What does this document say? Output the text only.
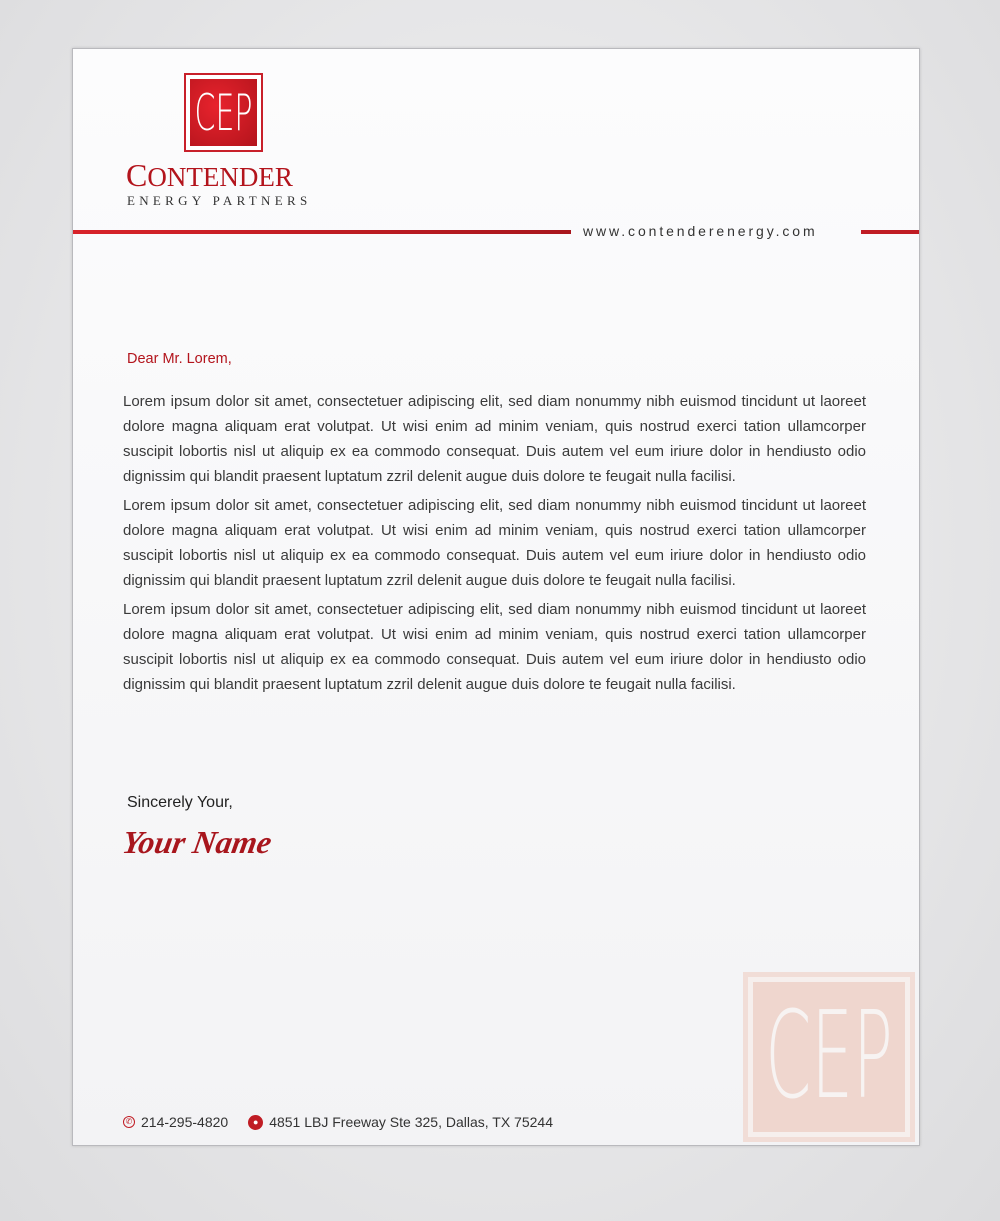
CEP
CONTENDER
ENERGY PARTNERS
www.contenderenergy.com
Dear Mr. Lorem,

Lorem ipsum dolor sit amet, consectetuer adipiscing elit, sed diam nonummy nibh euismod tincidunt ut laoreet dolore magna aliquam erat volutpat. Ut wisi enim ad minim veniam, quis nostrud exerci tation ullamcorper suscipit lobortis nisl ut aliquip ex ea commodo consequat. Duis autem vel eum iriure dolor in hendiusto odio dignissim qui blandit praesent luptatum zzril delenit augue duis dolore te feugait nulla facilisi.

Lorem ipsum dolor sit amet, consectetuer adipiscing elit, sed diam nonummy nibh euismod tincidunt ut laoreet dolore magna aliquam erat volutpat. Ut wisi enim ad minim veniam, quis nostrud exerci tation ullamcorper suscipit lobortis nisl ut aliquip ex ea commodo consequat. Duis autem vel eum iriure dolor in hendiusto odio dignissim qui blandit praesent luptatum zzril delenit augue duis dolore te feugait nulla facilisi.

Lorem ipsum dolor sit amet, consectetuer adipiscing elit, sed diam nonummy nibh euismod tincidunt ut laoreet dolore magna aliquam erat volutpat. Ut wisi enim ad minim veniam, quis nostrud exerci tation ullamcorper suscipit lobortis nisl ut aliquip ex ea commodo consequat. Duis autem vel eum iriure dolor in hendiusto odio dignissim qui blandit praesent luptatum zzril delenit augue duis dolore te feugait nulla facilisi.

Sincerely Your,
Your Name
CEP
✆ 214-295-4820	● 4851 LBJ Freeway Ste 325, Dallas, TX 75244
